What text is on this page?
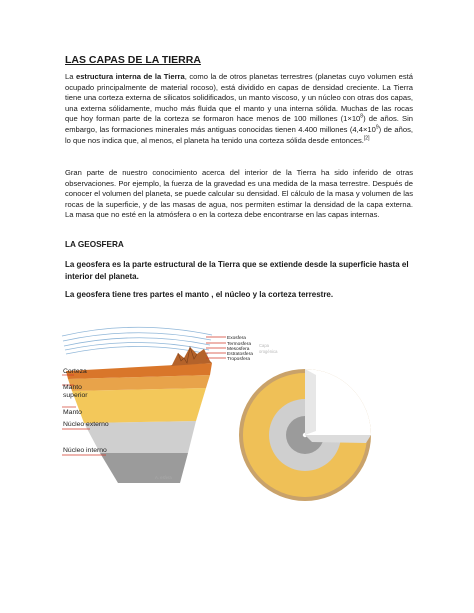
LAS CAPAS DE LA TIERRA

La estructura interna de la Tierra, como la de otros planetas terrestres (planetas cuyo volumen está ocupado principalmente de material rocoso), está dividido en capas de densidad creciente. La Tierra tiene una corteza externa de silicatos solidificados, un manto viscoso, y un núcleo con otras dos capas, una externa sólidamente, mucho más fluida que el manto y una interna sólida. Muchas de las rocas que hoy forman parte de la corteza se formaron hace menos de 100 millones $(1\times 10^8)$ de años. Sin embargo, las formaciones minerales más antiguas conocidas tienen 4.400 millones $(4,4\times 10^9)$ de años, lo que nos indica que, al menos, el planeta ha tenido una corteza sólida desde entonces.[2]

Gran parte de nuestro conocimiento acerca del interior de la Tierra ha sido inferido de otras observaciones. Por ejemplo, la fuerza de la gravedad es una medida de la masa terrestre. Después de conocer el volumen del planeta, se puede calcular su densidad. El cálculo de la masa y volumen de las rocas de la superficie, y de las masas de agua, nos permiten estimar la densidad de la capa externa. La masa que no esté en la atmósfera o en la corteza debe encontrarse en las capas internas.

LA GEOSFERA

La geosfera es la parte estructural de la Tierra que se extiende desde la superficie hasta el interior del planeta.

La geosfera tiene tres partes el manto , el núcleo y la corteza terrestre.

Corteza
Manto
superior
Manto
Núcleo externo
Núcleo interno
Exosfera
Termosfera
Mesosfera
Estratosfera
Troposfera
Capa
orogénica
A. esfera
